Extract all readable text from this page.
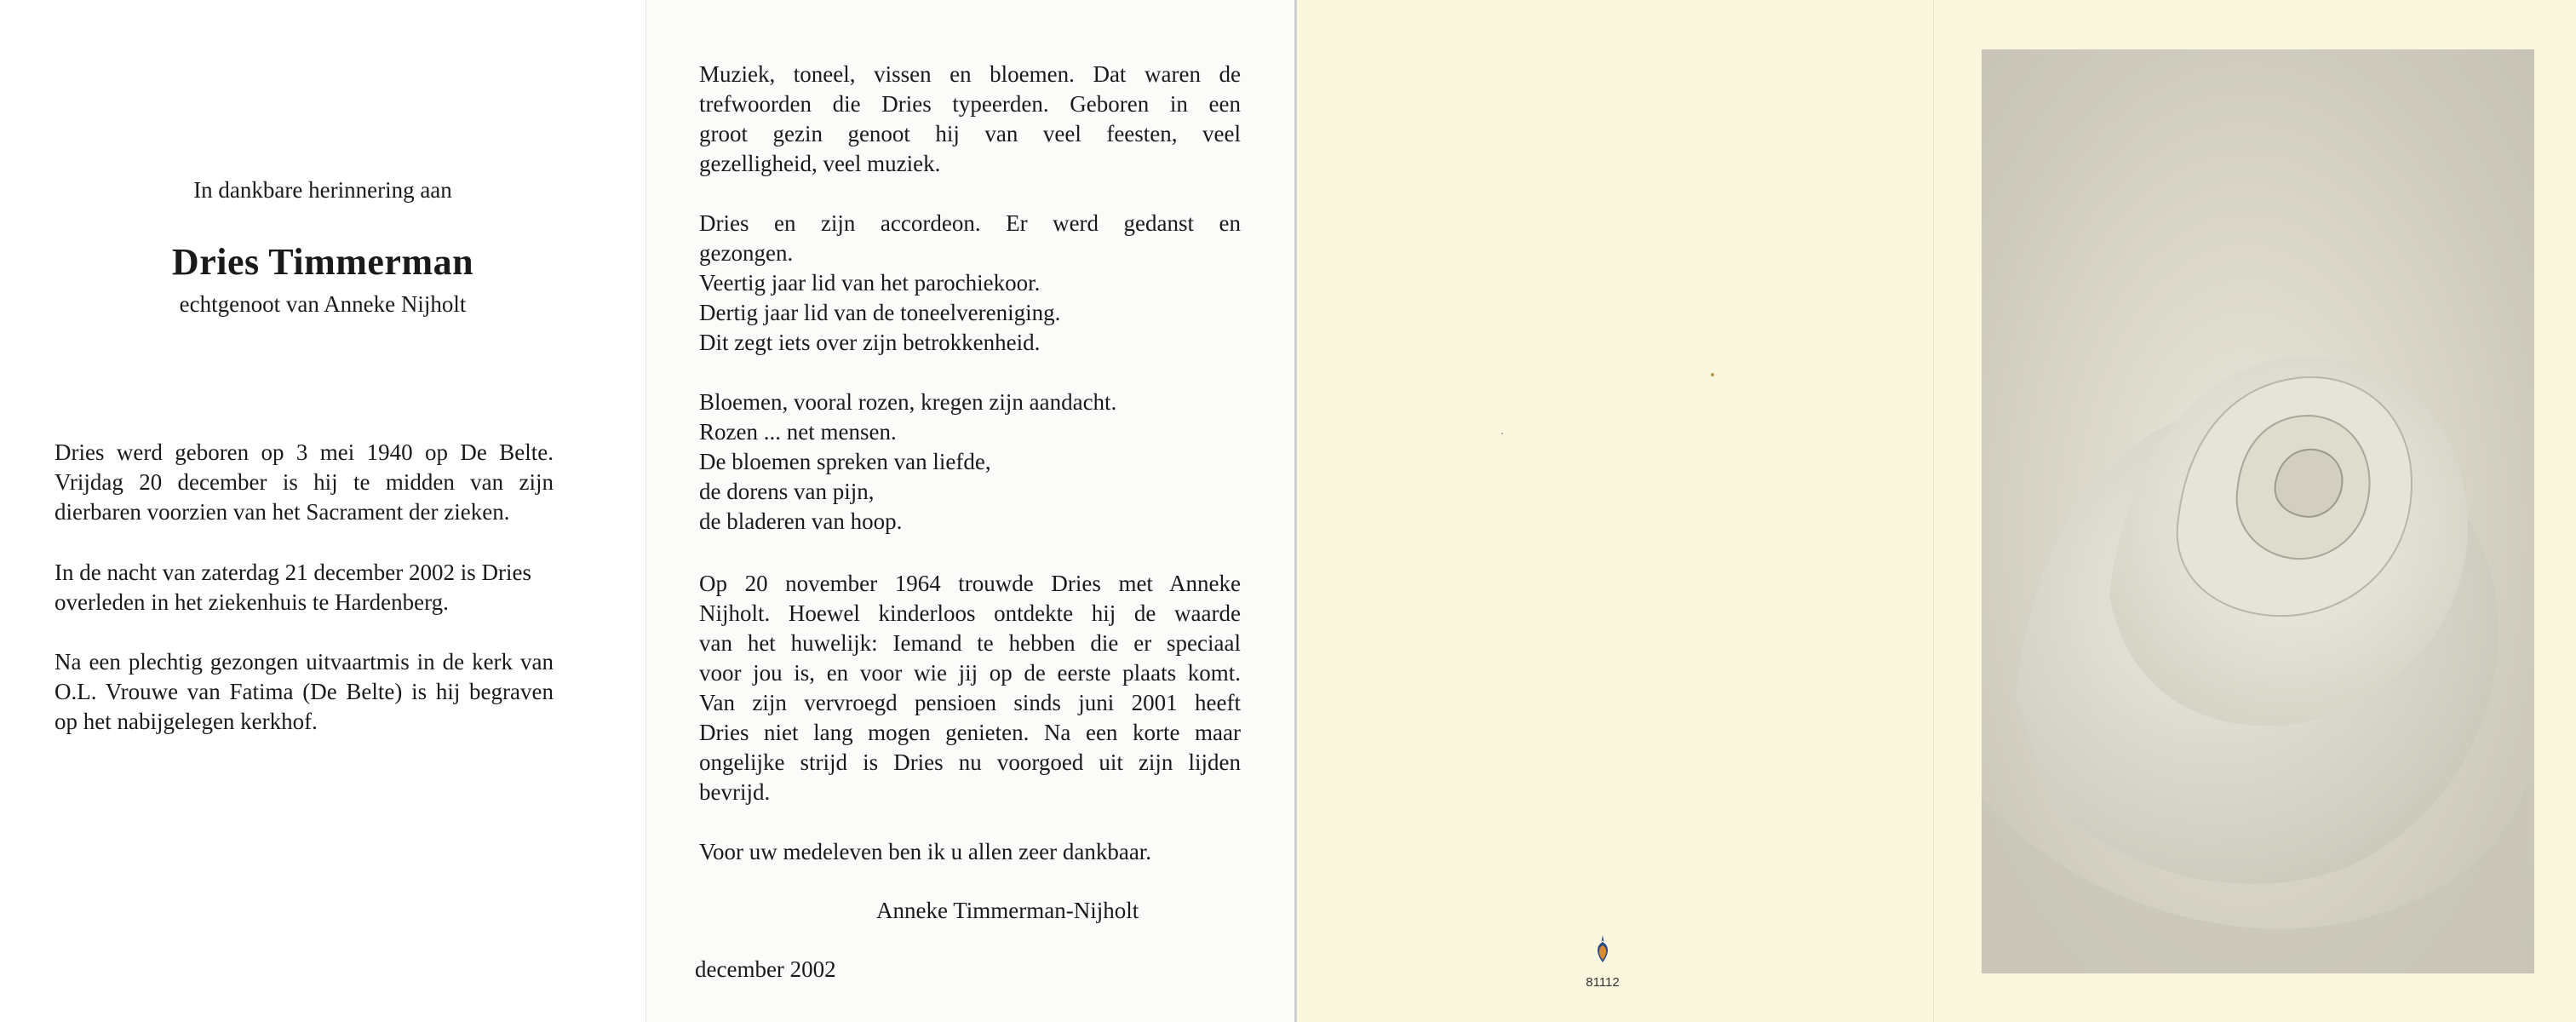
In dankbare herinnering aan
Dries Timmerman
echtgenoot van Anneke Nijholt
Dries werd geboren op 3 mei 1940 op De Belte.
Vrijdag 20 december is hij te midden van zijn
dierbaren voorzien van het Sacrament der zieken.
In de nacht van zaterdag 21 december 2002 is Dries
overleden in het ziekenhuis te Hardenberg.
Na een plechtig gezongen uitvaartmis in de kerk van
O.L. Vrouwe van Fatima (De Belte) is hij begraven
op het nabijgelegen kerkhof.
Muziek, toneel, vissen en bloemen. Dat waren de
trefwoorden die Dries typeerden. Geboren in een
groot gezin genoot hij van veel feesten, veel
gezelligheid, veel muziek.
Dries en zijn accordeon. Er werd gedanst en
gezongen.
Veertig jaar lid van het parochiekoor.
Dertig jaar lid van de toneelvereniging.
Dit zegt iets over zijn betrokkenheid.
Bloemen, vooral rozen, kregen zijn aandacht.
Rozen ... net mensen.
De bloemen spreken van liefde,
de dorens van pijn,
de bladeren van hoop.
Op 20 november 1964 trouwde Dries met Anneke
Nijholt. Hoewel kinderloos ontdekte hij de waarde
van het huwelijk: Iemand te hebben die er speciaal
voor jou is, en voor wie jij op de eerste plaats komt.
Van zijn vervroegd pensioen sinds juni 2001 heeft
Dries niet lang mogen genieten. Na een korte maar
ongelijke strijd is Dries nu voorgoed uit zijn lijden
bevrijd.
Voor uw medeleven ben ik u allen zeer dankbaar.
Anneke Timmerman-Nijholt
december 2002
81112
